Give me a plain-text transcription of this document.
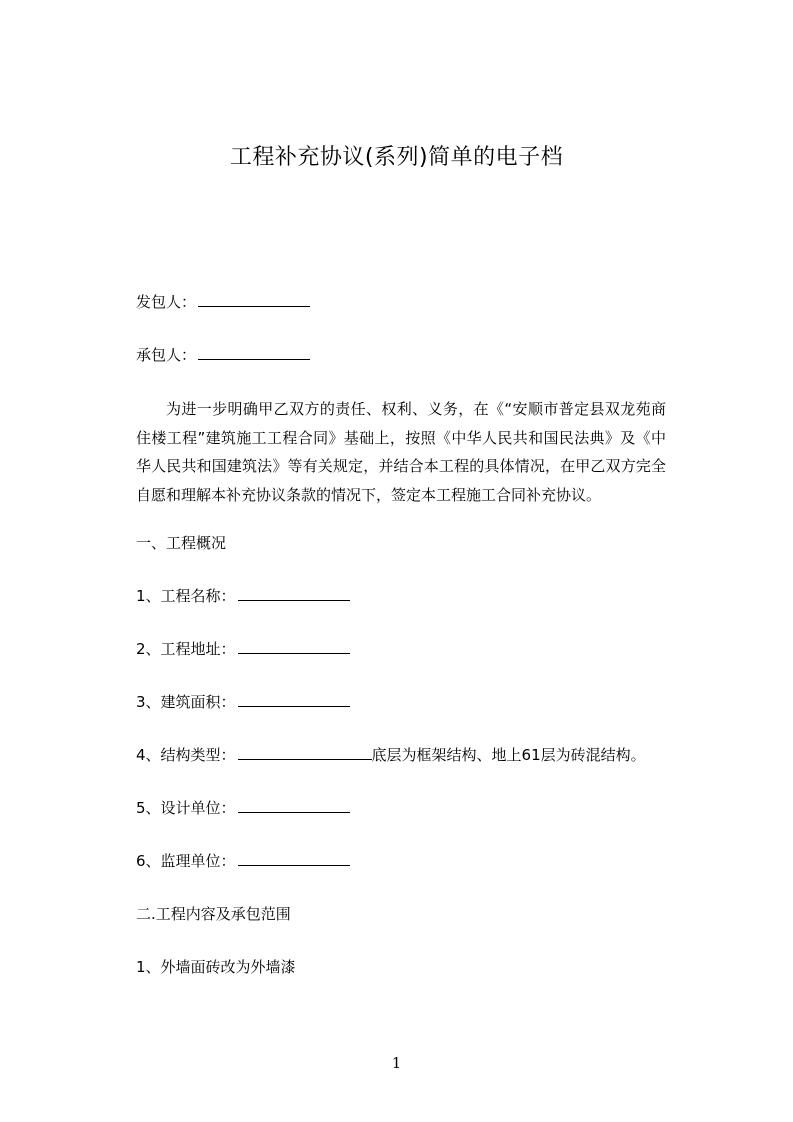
工程补充协议(系列)简单的电子档
发包人：
承包人：
为进一步明确甲乙双方的责任、权利、义务，在《“安顺市普定县双龙苑商住楼工程”建筑施工工程合同》基础上，按照《中华人民共和国民法典》及《中华人民共和国建筑法》等有关规定，并结合本工程的具体情况，在甲乙双方完全自愿和理解本补充协议条款的情况下，签定本工程施工合同补充协议。
一、工程概况
1、工程名称：
2、工程地址：
3、建筑面积：
4、结构类型：	底层为框架结构、地上61层为砖混结构。
5、设计单位：
6、监理单位：
二.工程内容及承包范围
1、外墙面砖改为外墙漆
1
